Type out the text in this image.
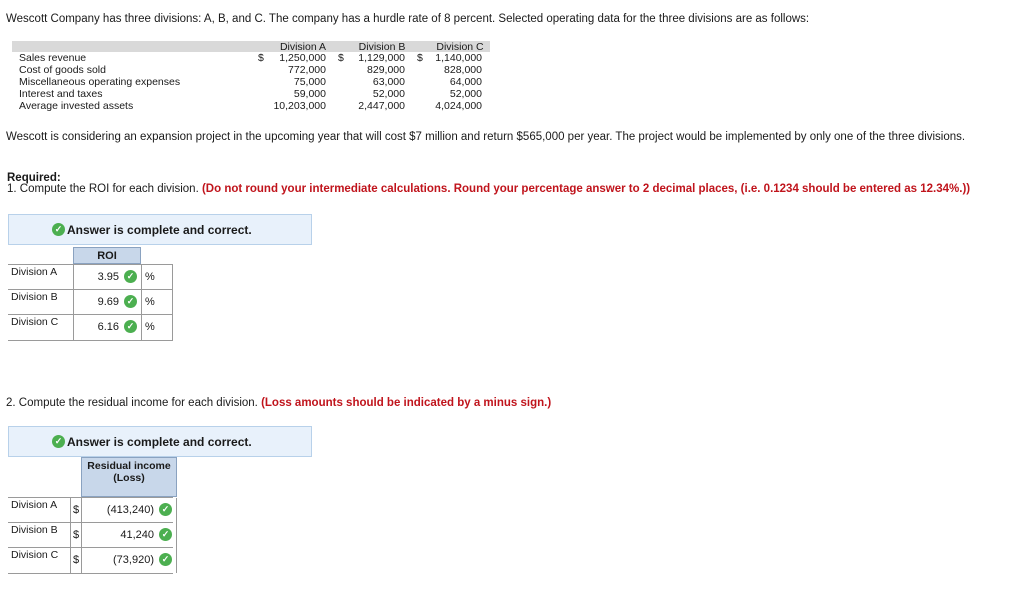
Wescott Company has three divisions: A, B, and C. The company has a hurdle rate of 8 percent. Selected operating data for the three divisions are as follows:
Division A	Division B	Division C
Sales revenue	$	1,250,000 $	1,129,000 $	1,140,000
Cost of goods sold	772,000	829,000	828,000
Miscellaneous operating expenses	75,000	63,000	64,000
Interest and taxes	59,000	52,000	52,000
Average invested assets	10,203,000	2,447,000	4,024,000
Wescott is considering an expansion project in the upcoming year that will cost $7 million and return $565,000 per year. The project would be implemented by only one of the three divisions.
Required:
1. Compute the ROI for each division. (Do not round your intermediate calculations. Round your percentage answer to 2 decimal places, (i.e. 0.1234 should be entered as 12.34%.))
✓ Answer is complete and correct.
ROI
Division A	3.95 ✓ %
Division B	9.69 ✓ %
Division C	6.16 ✓ %
2. Compute the residual income for each division. (Loss amounts should be indicated by a minus sign.)
✓ Answer is complete and correct.
Residual income (Loss)
Division A $	(413,240) ✓
Division B $	41,240 ✓
Division C $	(73,920) ✓
